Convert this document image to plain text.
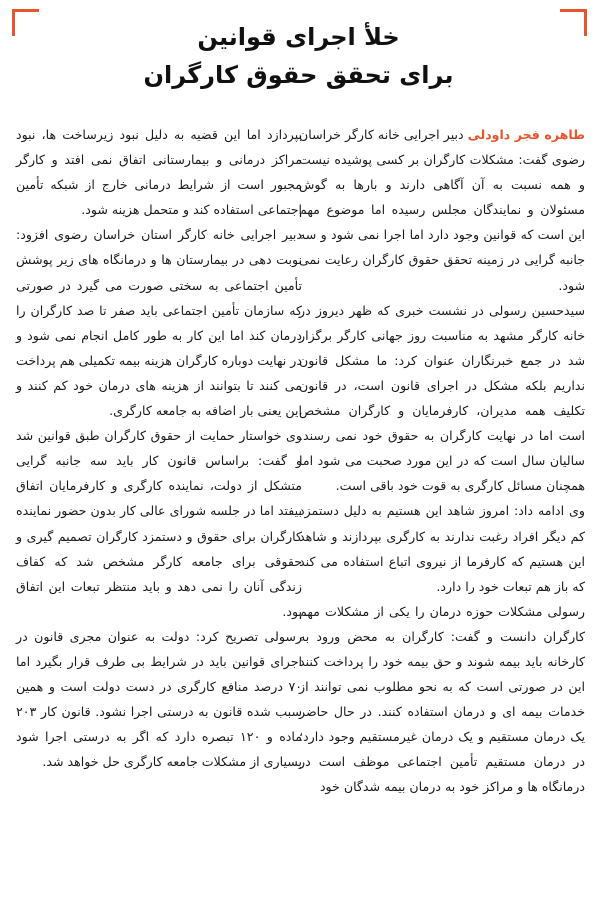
خلأ اجرای قوانین
برای تحقق حقوق کارگران

طاهره فجر داودلی دبیر اجرایی خانه کارگر خراسان رضوی گفت: مشکلات کارگران بر کسی پوشیده نیست و همه نسبت به آن آگاهی دارند و بارها به گوش مسئولان و نمایندگان مجلس رسیده اما موضوع مهم این است که قوانین وجود دارد اما اجرا نمی شود و سه جانبه گرایی در زمینه تحقق حقوق کارگران رعایت نمی شود.

سیدحسین رسولی در نشست خبری که ظهر دیروز در خانه کارگر مشهد به مناسبت روز جهانی کارگر برگزار شد در جمع خبرنگاران عنوان کرد: ما مشکل قانون نداریم بلکه مشکل در اجرای قانون است، در قانون تکلیف همه مدیران، کارفرمایان و کارگران مشخص است اما در نهایت کارگران به حقوق خود نمی رسند. سالیان سال است که در این مورد صحبت می شود اما همچنان مسائل کارگری به قوت خود باقی است.

وی ادامه داد: امروز شاهد این هستیم به دلیل دستمزد کم دیگر افراد رغبت ندارند به کارگری بپردازند و شاهد این هستیم که کارفرما از نیروی اتباع استفاده می کند که باز هم تبعات خود را دارد.

رسولی مشکلات حوزه درمان را یکی از مشکلات مهم کارگران دانست و گفت: کارگران به محض ورود به کارخانه باید بیمه شوند و حق بیمه خود را پرداخت کنند این در صورتی است که به نحو مطلوب نمی توانند از خدمات بیمه ای و درمان استفاده کنند. در حال حاضر یک درمان مستقیم و یک درمان غیرمستقیم وجود دارد؛ در درمان مستقیم تأمین اجتماعی موظف است در درمانگاه ها و مراکز خود به درمان بیمه شدگان خود

بپردازد اما این قضیه به دلیل نبود زیرساخت ها، نبود مراکز درمانی و بیمارستانی اتفاق نمی افتد و کارگر مجبور است از شرایط درمانی خارج از شبکه تأمین اجتماعی استفاده کند و متحمل هزینه شود.

دبیر اجرایی خانه کارگر استان خراسان رضوی افزود: نوبت دهی در بیمارستان ها و درمانگاه های زیر پوشش تأمین اجتماعی به سختی صورت می گیرد در صورتی که سازمان تأمین اجتماعی باید صفر تا صد کارگران را درمان کند اما این کار به طور کامل انجام نمی شود و در نهایت دوباره کارگران هزینه بیمه تکمیلی هم پرداخت می کنند تا بتوانند از هزینه های درمان خود کم کنند و این یعنی بار اضافه به جامعه کارگری.

وی خواستار حمایت از حقوق کارگران طبق قوانین شد و گفت: براساس قانون کار باید سه جانبه گرایی متشکل از دولت، نماینده کارگری و کارفرمایان اتفاق بیفتد اما در جلسه شورای عالی کار بدون حضور نماینده کارگران برای حقوق و دستمزد کارگران تصمیم گیری و حقوقی برای جامعه کارگر مشخص شد که کفاف زندگی آنان را نمی دهد و باید منتظر تبعات این اتفاق بود.

رسولی تصریح کرد: دولت به عنوان مجری قانون در اجرای قوانین باید در شرایط بی طرف قرار بگیرد اما ۷۰ درصد منافع کارگری در دست دولت است و همین سبب شده قانون به درستی اجرا نشود. قانون کار ۲۰۳ ماده و ۱۲۰ تبصره دارد که اگر به درستی اجرا شود بسیاری از مشکلات جامعه کارگری حل خواهد شد.
